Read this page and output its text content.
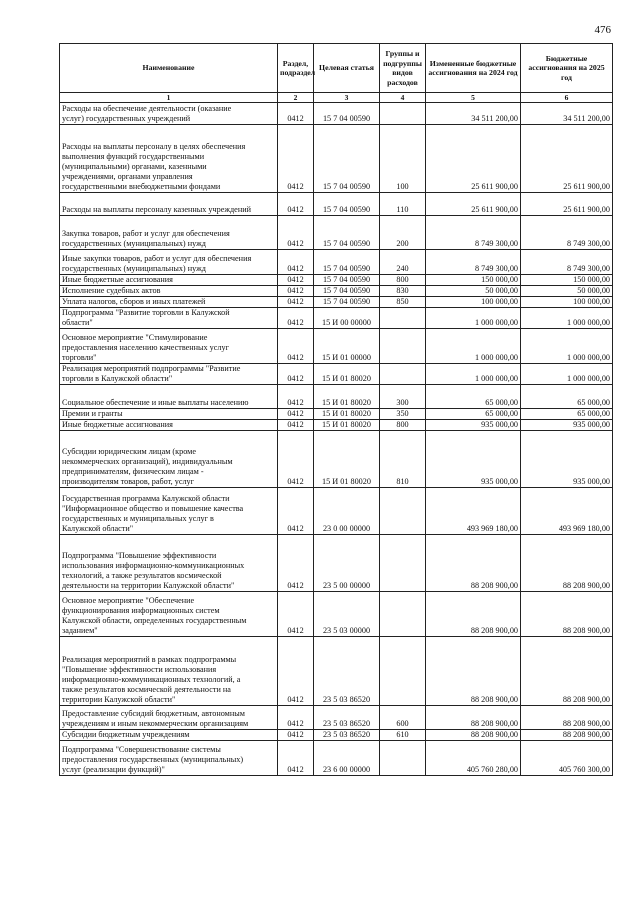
476
Наименование	Раздел, подраздел	Целевая статья	Группы и подгруппы видов расходов	Измененные бюджетные ассигнования на 2024 год	Бюджетные ассигнования на 2025 год
1	2	3	4	5	6
Расходы на обеспечение деятельности (оказание
услуг) государственных учреждений	0412	15 7 04 00590		34 511 200,00	34 511 200,00
Расходы на выплаты персоналу в целях обеспечения
выполнения функций государственными
(муниципальными) органами, казенными
учреждениями, органами управления
государственными внебюджетными фондами	0412	15 7 04 00590	100	25 611 900,00	25 611 900,00
Расходы на выплаты персоналу казенных учреждений	0412	15 7 04 00590	110	25 611 900,00	25 611 900,00
Закупка товаров, работ и услуг для обеспечения
государственных (муниципальных) нужд	0412	15 7 04 00590	200	8 749 300,00	8 749 300,00
Иные закупки товаров, работ и услуг для обеспечения
государственных (муниципальных) нужд	0412	15 7 04 00590	240	8 749 300,00	8 749 300,00
Иные бюджетные ассигнования	0412	15 7 04 00590	800	150 000,00	150 000,00
Исполнение судебных актов	0412	15 7 04 00590	830	50 000,00	50 000,00
Уплата налогов, сборов и иных платежей	0412	15 7 04 00590	850	100 000,00	100 000,00
Подпрограмма "Развитие торговли в Калужской
области"	0412	15 И 00 00000		1 000 000,00	1 000 000,00
Основное мероприятие "Стимулирование
предоставления населению качественных услуг
торговли"	0412	15 И 01 00000		1 000 000,00	1 000 000,00
Реализация мероприятий подпрограммы "Развитие
торговли в Калужской области"	0412	15 И 01 80020		1 000 000,00	1 000 000,00
Социальное обеспечение и иные выплаты населению	0412	15 И 01 80020	300	65 000,00	65 000,00
Премии и гранты	0412	15 И 01 80020	350	65 000,00	65 000,00
Иные бюджетные ассигнования	0412	15 И 01 80020	800	935 000,00	935 000,00
Субсидии юридическим лицам (кроме
некоммерческих организаций), индивидуальным
предпринимателям, физическим лицам -
производителям товаров, работ, услуг	0412	15 И 01 80020	810	935 000,00	935 000,00
Государственная программа Калужской области
"Информационное общество и повышение качества
государственных и муниципальных услуг в
Калужской области"	0412	23 0 00 00000		493 969 180,00	493 969 180,00
Подпрограмма "Повышение эффективности
использования информационно-коммуникационных
технологий, а также результатов космической
деятельности на территории Калужской области"	0412	23 5 00 00000		88 208 900,00	88 208 900,00
Основное мероприятие "Обеспечение
функционирования информационных систем
Калужской области, определенных государственным
заданием"	0412	23 5 03 00000		88 208 900,00	88 208 900,00
Реализация мероприятий в рамках подпрограммы
"Повышение эффективности использования
информационно-коммуникационных технологий, а
также результатов космической деятельности на
территории Калужской области"	0412	23 5 03 86520		88 208 900,00	88 208 900,00
Предоставление субсидий бюджетным, автономным
учреждениям и иным некоммерческим организациям	0412	23 5 03 86520	600	88 208 900,00	88 208 900,00
Субсидии бюджетным учреждениям	0412	23 5 03 86520	610	88 208 900,00	88 208 900,00
Подпрограмма "Совершенствование системы
предоставления государственных (муниципальных)
услуг (реализации функций)"	0412	23 6 00 00000		405 760 280,00	405 760 300,00
